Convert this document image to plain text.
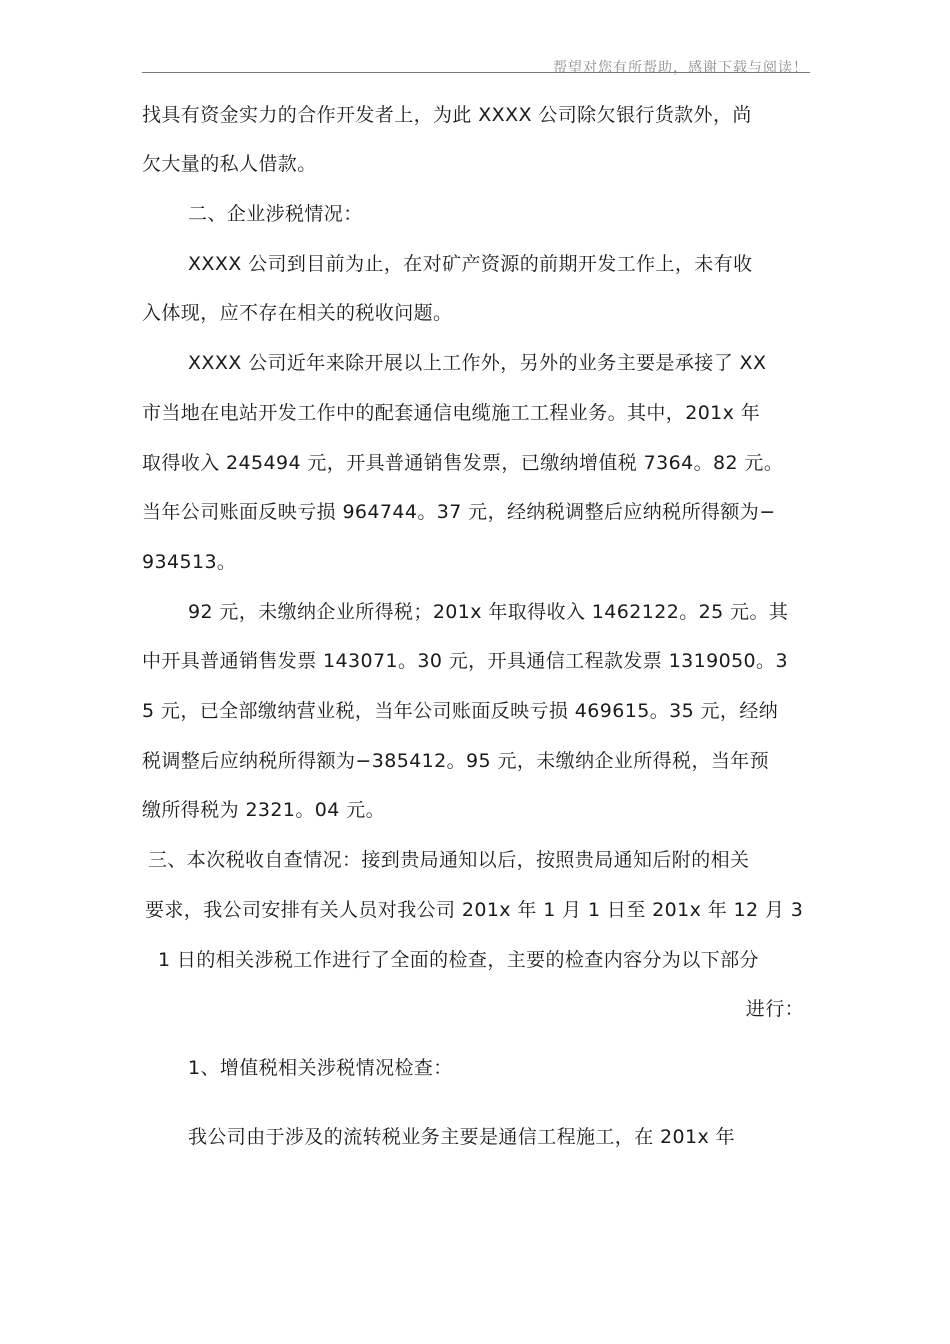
帮望对您有所帮助，感谢下载与阅读！
找具有资金实力的合作开发者上，为此 XXXX 公司除欠银行货款外，尚
欠大量的私人借款。
二、企业涉税情况：
XXXX 公司到目前为止，在对矿产资源的前期开发工作上，未有收
入体现，应不存在相关的税收问题。
XXXX 公司近年来除开展以上工作外，另外的业务主要是承接了 XX
市当地在电站开发工作中的配套通信电缆施工工程业务。其中，201x 年
取得收入 245494 元，开具普通销售发票，已缴纳增值税 7364。82 元。
当年公司账面反映亏损 964744。37 元，经纳税调整后应纳税所得额为−
934513。
92 元，未缴纳企业所得税；201x 年取得收入 1462122。25 元。其
中开具普通销售发票 143071。30 元，开具通信工程款发票 1319050。3
5 元，已全部缴纳营业税，当年公司账面反映亏损 469615。35 元，经纳
税调整后应纳税所得额为−385412。95 元，未缴纳企业所得税，当年预
缴所得税为 2321。04 元。
三、本次税收自查情况：接到贵局通知以后，按照贵局通知后附的相关
要求，我公司安排有关人员对我公司 201x 年 1 月 1 日至 201x 年 12 月 3
1 日的相关涉税工作进行了全面的检查，主要的检查内容分为以下部分
进行：
1、增值税相关涉税情况检查：
我公司由于涉及的流转税业务主要是通信工程施工，在 201x 年
